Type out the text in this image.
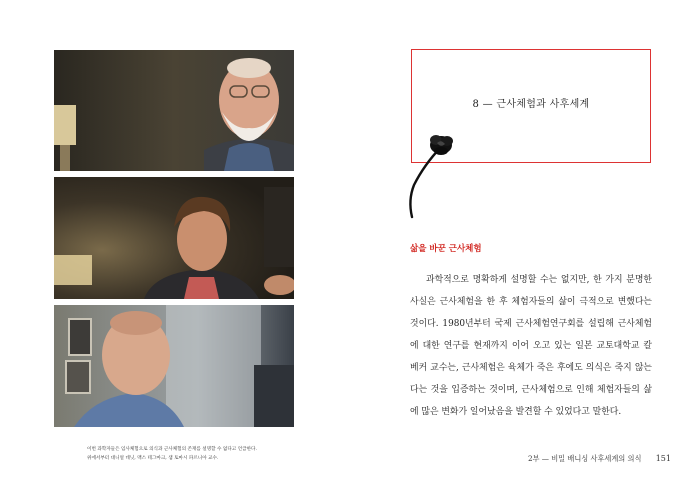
이번 과학자들은 임사체험으로 의식과 근사체험의 존재를 설명할 수 없다고 언급한다.
위에서부터 대니얼 데닛, 맥스 테그마크, 샘 토마시 파르니아 교수.
8 — 근사체험과 사후세계
삶을 바꾼 근사체험

과학적으로 명확하게 설명할 수는 없지만, 한 가지 분명한 사실은 근사체험을 한 후 체험자들의 삶이 극적으로 변했다는 것이다. 1980년부터 국제 근사체험연구회를 설립해 근사체험에 대한 연구를 현재까지 이어 오고 있는 일본 교토대학교 칼 베커 교수는, 근사체험은 육체가 죽은 후에도 의식은 죽지 않는다는 것을 입증하는 것이며, 근사체험으로 인해 체험자들의 삶에 많은 변화가 일어났음을 발견할 수 있었다고 말한다.

2부 — 비밀 배니싱 사후세계의 의식 151
